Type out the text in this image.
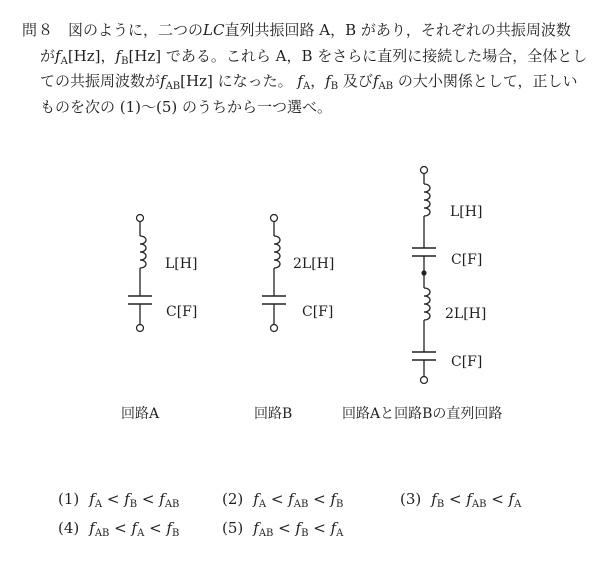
問８ 図のように，二つのLC直列共振回路 A，B があり，それぞれの共振周波数
が$f_A[Hz]$，$f_B[Hz]$ である。これら A，B をさらに直列に接続した場合，全体とし
ての共振周波数が$f_{AB}[Hz]$ になった。 $f_A$，$f_B$ 及び$f_{AB}$ の大小関係として，正しい
ものを次の (1)～(5) のうちから一つ選べ。
L[H]
C[F]
回路A
2L[H]
C[F]
回路B
L[H]
C[F]
2L[H]
C[F]
回路Aと回路Bの直列回路
(1) $f_A < f_B < f_{AB}$	(2) $f_A < f_{AB} < f_B$	(3) $f_B < f_{AB} < f_A$
(4) $f_{AB} < f_A < f_B$	(5) $f_{AB} < f_B < f_A$
